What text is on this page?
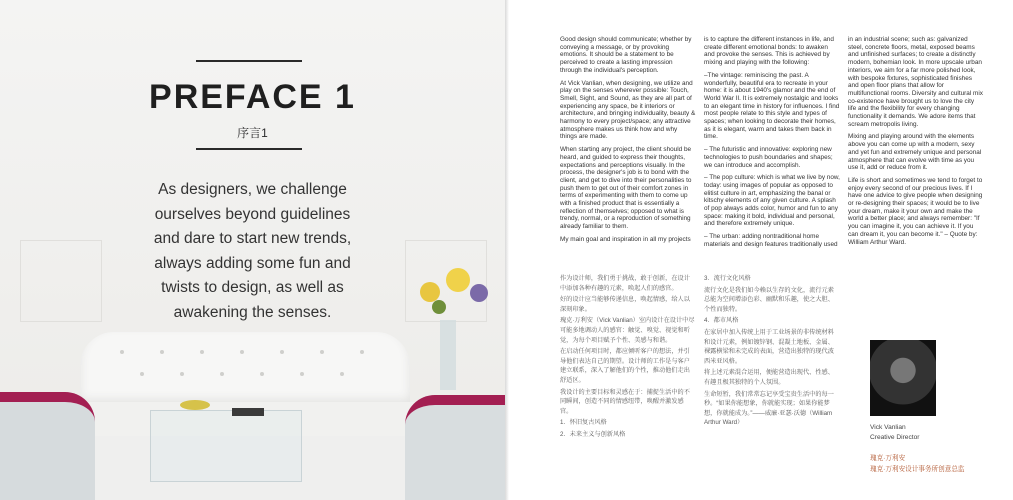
PREFACE 1
序言1
As designers, we challenge
ourselves beyond guidelines
and dare to start new trends,
always adding some fun and
twists to design, as well as
awakening the senses.

Good design should communicate; whether by conveying a message, or by provoking emotions. It should be a statement to be perceived to create a lasting impression through the individual's perception.

At Vick Vanlian, when designing, we utilize and play on the senses wherever possible: Touch, Smell, Sight, and Sound, as they are all part of experiencing any space, be it interiors or architecture, and bringing individuality, beauty & harmony to every project/space; any attractive atmosphere makes us think how and why things are made.

When starting any project, the client should be heard, and guided to express their thoughts, expectations and perceptions visually. In the process, the designer's job is to bond with the client, and get to dive into their personalities to push them to get out of their comfort zones in terms of experimenting with them to come up with a finished product that is essentially a reflection of themselves; opposed to what is trendy, normal, or a reproduction of something already familiar to them.

My main goal and inspiration in all my projects

is to capture the different instances in life, and create different emotional bonds: to awaken and provoke the senses. This is achieved by mixing and playing with the following:

–The vintage: reminiscing the past. A wonderfully, beautiful era to recreate in your home: it is about 1940's glamor and the end of World War II. It is extremely nostalgic and looks to an elegant time in history for influences. I find most people relate to this style and types of spaces; when looking to decorate their homes, as it is elegant, warm and takes them back in time.

– The futuristic and innovative: exploring new technologies to push boundaries and shapes; we can introduce and accomplish.

– The pop culture: which is what we live by now, today: using images of popular as opposed to elitist culture in art, emphasizing the banal or kitschy elements of any given culture. A splash of pop always adds color, humor and fun to any space: making it bold, individual and personal, and therefore extremely unique.

– The urban: adding nontraditional home materials and design features traditionally used

in an industrial scene; such as: galvanized steel, concrete floors, metal, exposed beams and unfinished surfaces; to create a distinctly modern, bohemian look. In more upscale urban interiors, we aim for a far more polished look, with bespoke fixtures, sophisticated finishes and open floor plans that allow for multifunctional rooms. Diversity and cultural mix co-existence have brought us to love the city life and the flexibility for every changing functionality it demands. We adore items that scream metropolis living.

Mixing and playing around with the elements above you can come up with a modern, sexy and yet fun and extremely unique and personal atmosphere that can evolve with time as you use it, add or reduce from it.

Life is short and sometimes we tend to forget to enjoy every second of our precious lives. If I have one advice to give people when designing or re-designing their spaces; it would be to live your dream, make it your own and make the world a better place; and always remember: "If you can imagine it, you can achieve it. If you can dream it, you can become it." – Quote by: William Arthur Ward.

作为设计师，我们勇于挑战，敢于创新，在设计中添加各种有趣的元素，唤起人们的感官。

好的设计应当能够传递信息，唤起情感，给人以深刻印象。

瑰克·万利安（Vick Vanlian）室内设计在设计中尽可能多地调动人的感官：触觉、嗅觉、视觉和听觉，为每个项目赋予个性、美感与和谐。

在启动任何项目时，都应倾听客户的想法，并引导他们表达自己的期望。设计师的工作是与客户建立联系，深入了解他们的个性，推动他们走出舒适区。

我设计的主要目标和灵感在于：捕捉生活中的不同瞬间，创造不同的情感纽带，唤醒并激发感官。

1．怀旧复古风格

2．未来主义与创新风格

3．流行文化风格

流行文化是我们如今赖以生存的文化，流行元素总能为空间增添色彩、幽默和乐趣，使之大胆、个性而独特。

4．都市风格

在家居中加入传统上用于工业场景的非传统材料和设计元素，例如镀锌钢、混凝土地板、金属、裸露横梁和未完成的表面，营造出独特的现代波西米亚风格。

将上述元素混合运用，便能营造出现代、性感、有趣且极其独特的个人氛围。

生命短暂，我们常常忘记享受宝贵生活中的每一秒。“如果你能想象，你就能实现；如果你能梦想，你就能成为。”——威廉·亚瑟·沃德（William Arthur Ward）

Vick Vanlian
Creative Director
瑰克·万利安
瑰克·万利安设计事务所创意总监
